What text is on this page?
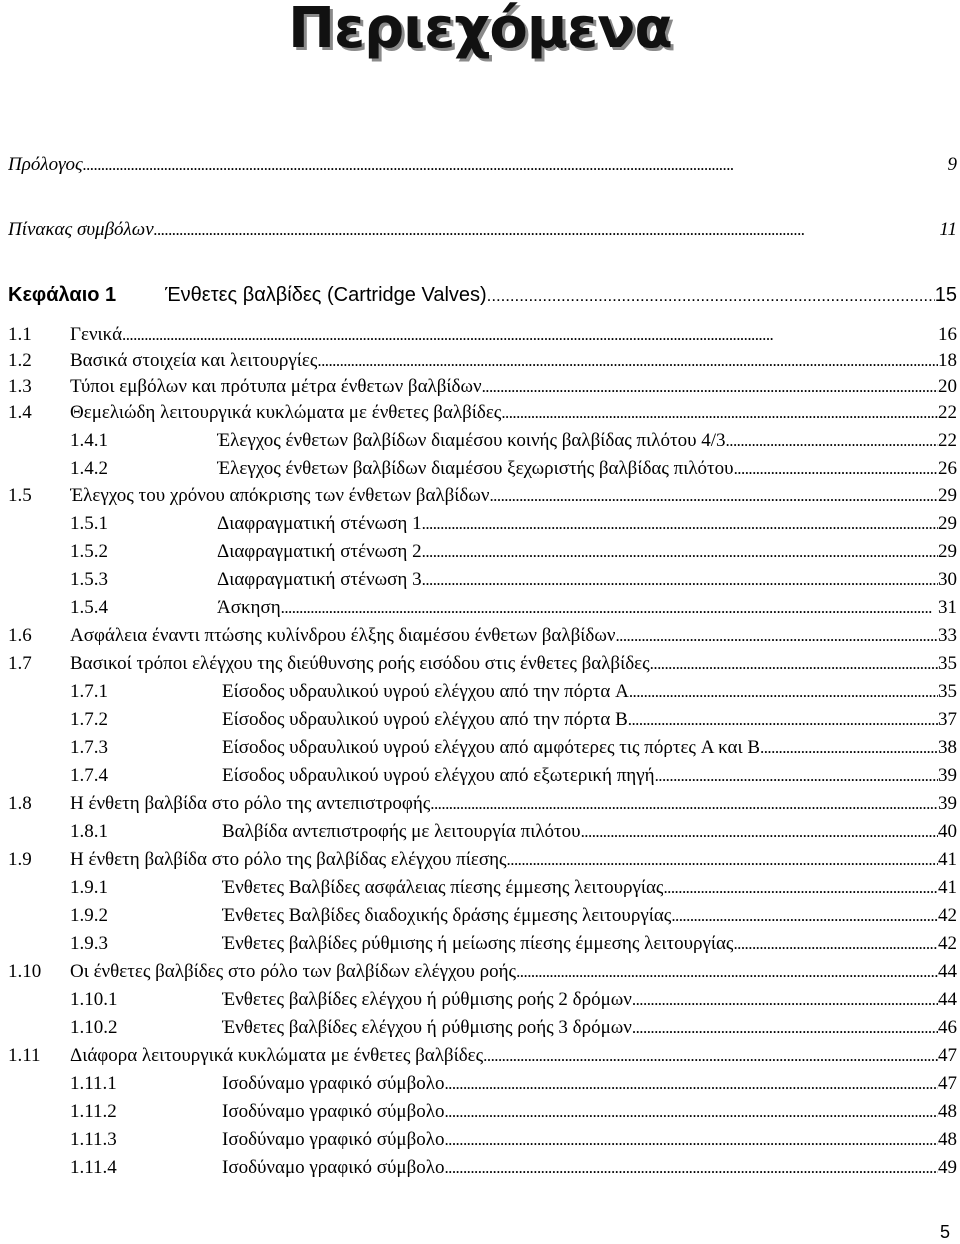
Περιεχόμενα
Πρόλογος . . .	9
Πίνακας συμβόλων . . .	11
Κεφάλαιο 1	Ένθετες βαλβίδες (Cartridge Valves) . . .	15
1.1	Γενικά . . .	16
1.2	Βασικά στοιχεία και λειτουργίες . . .	18
1.3	Τύποι εμβόλων και πρότυπα μέτρα ένθετων βαλβίδων . . .	20
1.4	Θεμελιώδη λειτουργικά κυκλώματα με ένθετες βαλβίδες . . .	22
1.4.1	Έλεγχος ένθετων βαλβίδων διαμέσου κοινής βαλβίδας πιλότου 4/3 . . .	22
1.4.2	Έλεγχος ένθετων βαλβίδων διαμέσου ξεχωριστής βαλβίδας πιλότου . . .	26
1.5	Έλεγχος του χρόνου απόκρισης των ένθετων βαλβίδων . . .	29
1.5.1	Διαφραγματική στένωση 1 . . .	29
1.5.2	Διαφραγματική στένωση 2 . . .	29
1.5.3	Διαφραγματική στένωση 3 . . .	30
1.5.4	Άσκηση . . .	31
1.6	Ασφάλεια έναντι πτώσης κυλίνδρου έλξης διαμέσου ένθετων βαλβίδων . . .	33
1.7	Βασικοί τρόποι ελέγχου της διεύθυνσης ροής εισόδου στις ένθετες βαλβίδες . . .	35
1.7.1	Είσοδος υδραυλικού υγρού ελέγχου από την πόρτα A . . .	35
1.7.2	Είσοδος υδραυλικού υγρού ελέγχου από την πόρτα B . . .	37
1.7.3	Είσοδος υδραυλικού υγρού ελέγχου από αμφότερες τις πόρτες A και B . . .	38
1.7.4	Είσοδος υδραυλικού υγρού ελέγχου από εξωτερική πηγή . . .	39
1.8	Η ένθετη βαλβίδα στο ρόλο της αντεπιστροφής . . .	39
1.8.1	Βαλβίδα αντεπιστροφής με λειτουργία πιλότου . . .	40
1.9	Η ένθετη βαλβίδα στο ρόλο της βαλβίδας ελέγχου πίεσης . . .	41
1.9.1	Ένθετες Βαλβίδες ασφάλειας πίεσης έμμεσης λειτουργίας . . .	41
1.9.2	Ένθετες Βαλβίδες διαδοχικής δράσης έμμεσης λειτουργίας . . .	42
1.9.3	Ένθετες βαλβίδες ρύθμισης ή μείωσης πίεσης έμμεσης λειτουργίας . . .	42
1.10	Οι ένθετες βαλβίδες στο ρόλο των βαλβίδων ελέγχου ροής . . .	44
1.10.1	Ένθετες βαλβίδες ελέγχου ή ρύθμισης ροής 2 δρόμων . . .	44
1.10.2	Ένθετες βαλβίδες ελέγχου ή ρύθμισης ροής 3 δρόμων . . .	46
1.11	Διάφορα λειτουργικά κυκλώματα με ένθετες βαλβίδες . . .	47
1.11.1	Ισοδύναμο γραφικό σύμβολο . . .	47
1.11.2	Ισοδύναμο γραφικό σύμβολο . . .	48
1.11.3	Ισοδύναμο γραφικό σύμβολο . . .	48
1.11.4	Ισοδύναμο γραφικό σύμβολο . . .	49
5
